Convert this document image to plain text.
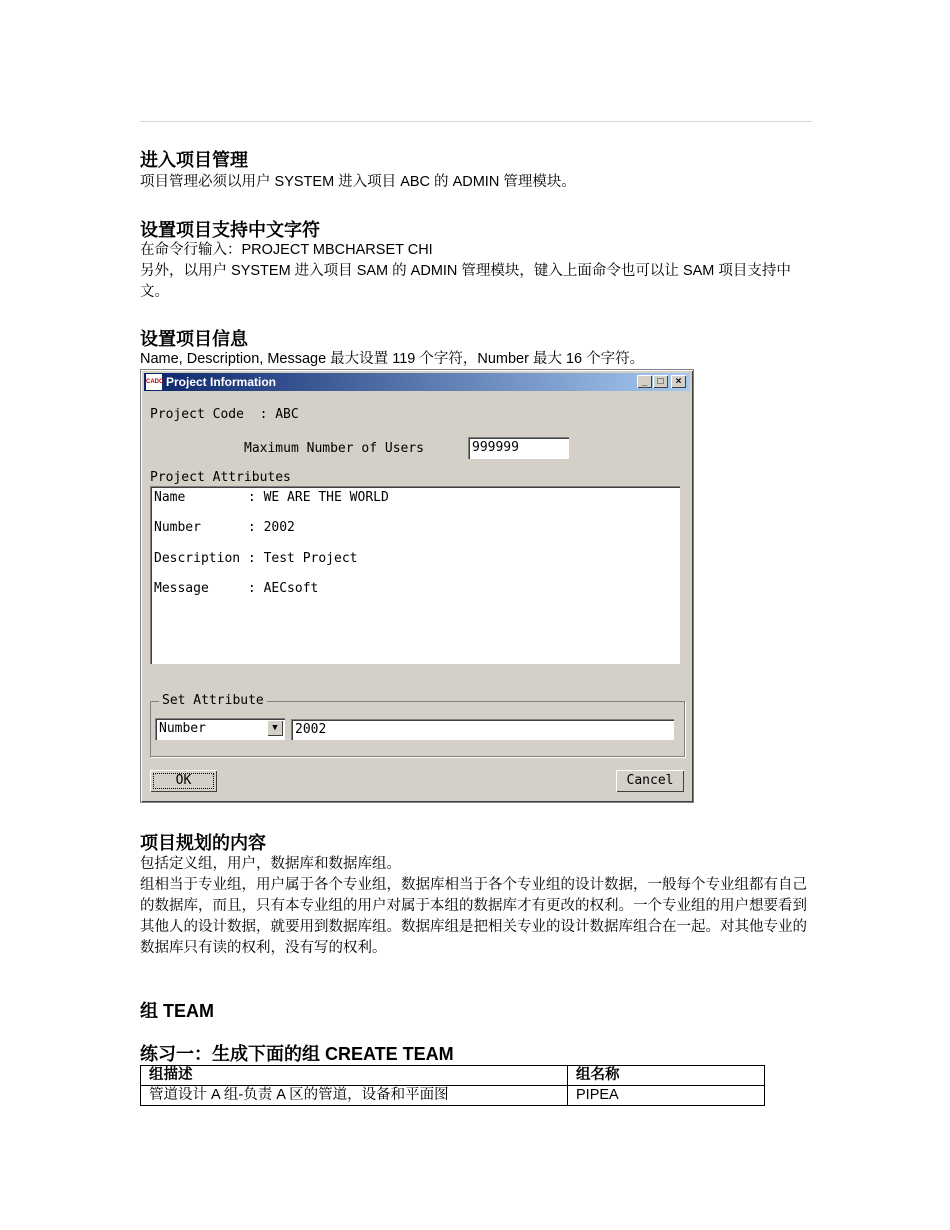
进入项目管理
项目管理必须以用户 SYSTEM 进入项目 ABC 的 ADMIN 管理模块。
设置项目支持中文字符
在命令行输入：PROJECT MBCHARSET CHI
另外，以用户 SYSTEM 进入项目 SAM 的 ADMIN 管理模块，键入上面命令也可以让 SAM 项目支持中文。
设置项目信息
Name, Description, Message 最大设置 119 个字符，Number 最大 16 个字符。
CADC Project Information	_	□	×
Project Code  : ABC
Maximum Number of Users	999999
Project Attributes
Name        : WE ARE THE WORLD
Number      : 2002
Description : Test Project
Message     : AECsoft
Set Attribute
Number	▼	2002
OK	Cancel
项目规划的内容
包括定义组，用户，数据库和数据库组。
组相当于专业组，用户属于各个专业组，数据库相当于各个专业组的设计数据，一般每个专业组都有自己的数据库，而且，只有本专业组的用户对属于本组的数据库才有更改的权利。一个专业组的用户想要看到其他人的设计数据，就要用到数据库组。数据库组是把相关专业的设计数据库组合在一起。对其他专业的数据库只有读的权利，没有写的权利。
组 TEAM
练习一：生成下面的组 CREATE TEAM
组描述	组名称
管道设计 A 组-负责 A 区的管道，设备和平面图	PIPEA
